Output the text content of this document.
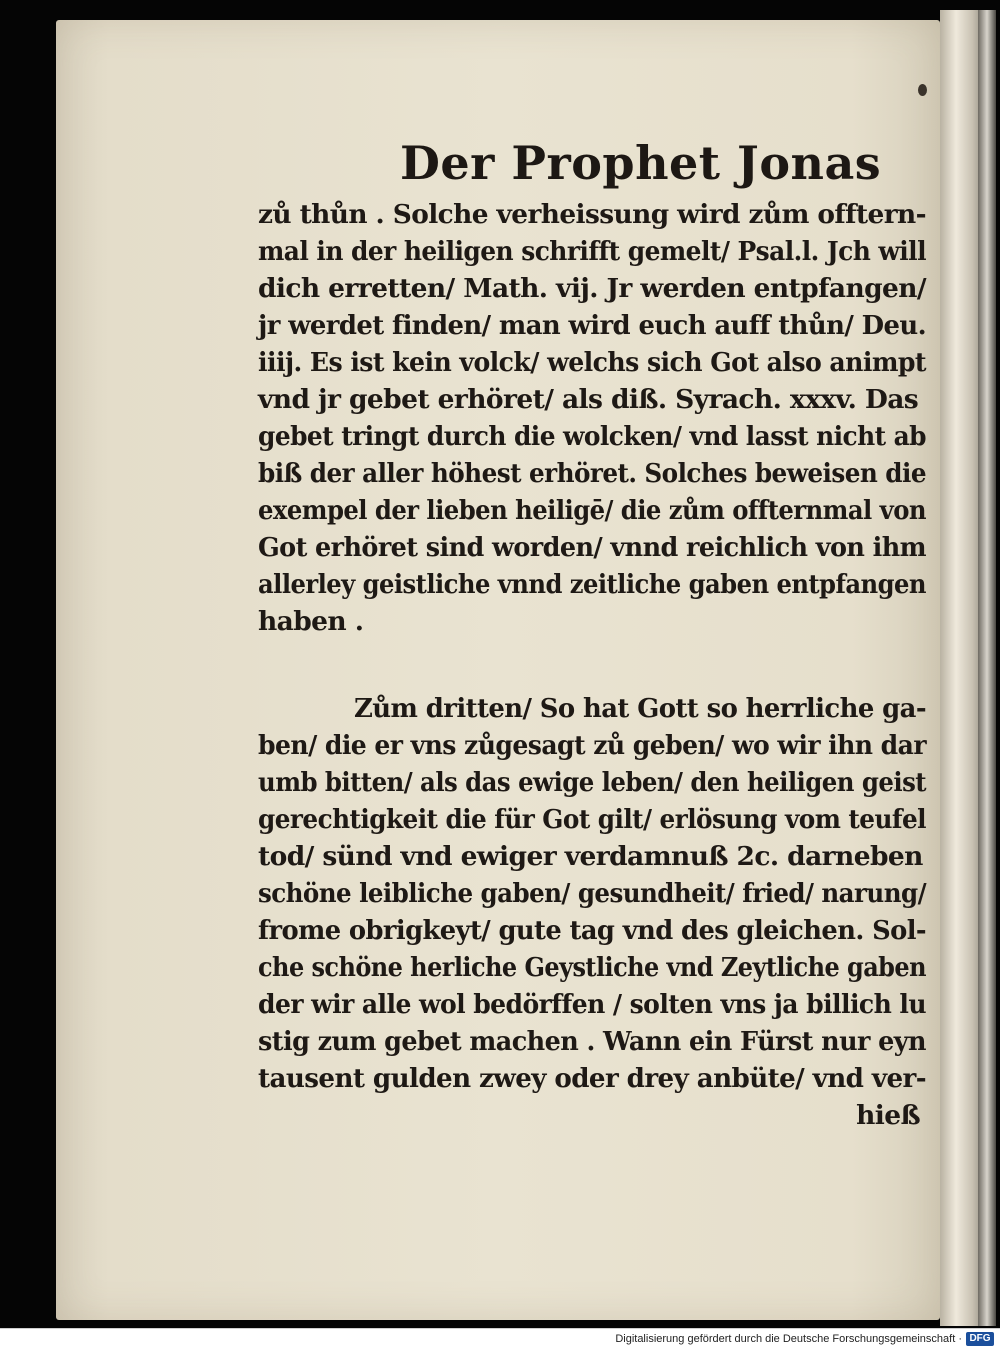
Der Prophet Jonas
zů thůn . Solche verheissung wird zům offtern-
mal in der heiligen schrifft gemelt/ Psal.l. Jch will
dich erretten/ Math. vij. Jr werden entpfangen/
jr werdet finden/ man wird euch auff thůn/ Deu.
iiij. Es ist kein volck/ welchs sich Got also animpt
vnd jr gebet erhöret/ als diß. Syrach. xxxv. Das
gebet tringt durch die wolcken/ vnd lasst nicht ab
biß der aller höhest erhöret. Solches beweisen die
exempel der lieben heiligē/ die zům offternmal von
Got erhöret sind worden/ vnnd reichlich von ihm
allerley geistliche vnnd zeitliche gaben entpfangen
haben .
Zům dritten/ So hat Gott so herrliche ga-
ben/ die er vns zůgesagt zů geben/ wo wir ihn dar
umb bitten/ als das ewige leben/ den heiligen geist
gerechtigkeit die für Got gilt/ erlösung vom teufel
tod/ sünd vnd ewiger verdamnuß 2c. darneben
schöne leibliche gaben/ gesundheit/ fried/ narung/
frome obrigkeyt/ gute tag vnd des gleichen. Sol-
che schöne herliche Geystliche vnd Zeytliche gaben
der wir alle wol bedörffen / solten vns ja billich lu
stig zum gebet machen . Wann ein Fürst nur eyn
tausent gulden zwey oder drey anbüte/ vnd ver-
hieß
Digitalisierung gefördert durch die Deutsche Forschungsgemeinschaft · DFG
